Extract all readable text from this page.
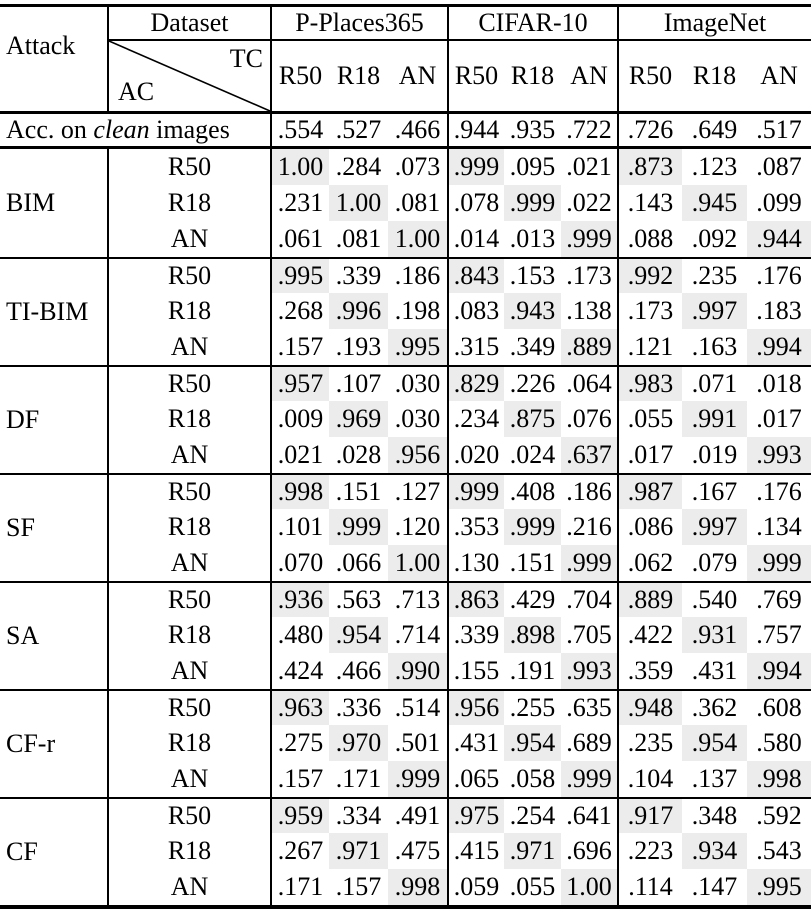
Attack
Dataset	P-Places365	CIFAR-10	ImageNet
TC
AC
R50 R18 AN R50 R18 AN R50 R18 AN
Acc. on clean images .554 .527 .466 .944 .935 .722 .726 .649 .517
BIM
R50	1.00 .284 .073 .999 .095 .021 .873 .123 .087
R18	.231 1.00 .081 .078 .999 .022 .143 .945 .099
AN	.061 .081 1.00 .014 .013 .999 .088 .092 .944
TI-BIM
R50	.995 .339 .186 .843 .153 .173 .992 .235 .176
R18	.268 .996 .198 .083 .943 .138 .173 .997 .183
AN	.157 .193 .995 .315 .349 .889 .121 .163 .994
DF
R50	.957 .107 .030 .829 .226 .064 .983 .071 .018
R18	.009 .969 .030 .234 .875 .076 .055 .991 .017
AN	.021 .028 .956 .020 .024 .637 .017 .019 .993
SF
R50	.998 .151 .127 .999 .408 .186 .987 .167 .176
R18	.101 .999 .120 .353 .999 .216 .086 .997 .134
AN	.070 .066 1.00 .130 .151 .999 .062 .079 .999
SA
R50	.936 .563 .713 .863 .429 .704 .889 .540 .769
R18	.480 .954 .714 .339 .898 .705 .422 .931 .757
AN	.424 .466 .990 .155 .191 .993 .359 .431 .994
CF-r
R50	.963 .336 .514 .956 .255 .635 .948 .362 .608
R18	.275 .970 .501 .431 .954 .689 .235 .954 .580
AN	.157 .171 .999 .065 .058 .999 .104 .137 .998
CF
R50	.959 .334 .491 .975 .254 .641 .917 .348 .592
R18	.267 .971 .475 .415 .971 .696 .223 .934 .543
AN	.171 .157 .998 .059 .055 1.00 .114 .147 .995
